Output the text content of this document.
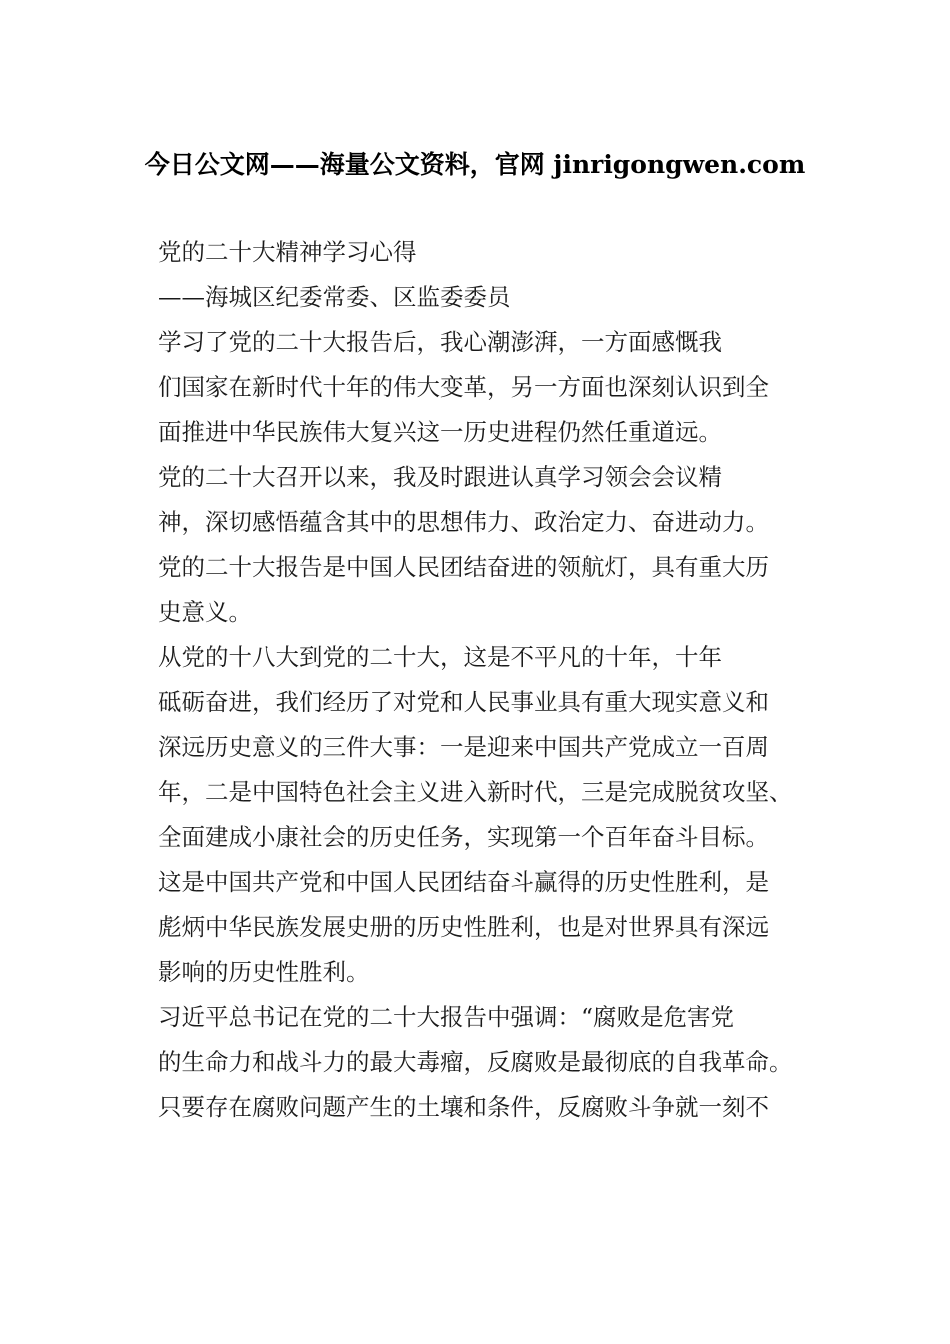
今日公文网——海量公文资料，官网 jinrigongwen.com

党的二十大精神学习心得

——海城区纪委常委、区监委委员

学习了党的二十大报告后，我心潮澎湃，一方面感慨我

们国家在新时代十年的伟大变革，另一方面也深刻认识到全

面推进中华民族伟大复兴这一历史进程仍然任重道远。

党的二十大召开以来，我及时跟进认真学习领会会议精

神，深切感悟蕴含其中的思想伟力、政治定力、奋进动力。

党的二十大报告是中国人民团结奋进的领航灯，具有重大历

史意义。

从党的十八大到党的二十大，这是不平凡的十年，十年

砥砺奋进，我们经历了对党和人民事业具有重大现实意义和

深远历史意义的三件大事：一是迎来中国共产党成立一百周

年，二是中国特色社会主义进入新时代，三是完成脱贫攻坚、

全面建成小康社会的历史任务，实现第一个百年奋斗目标。

这是中国共产党和中国人民团结奋斗赢得的历史性胜利，是

彪炳中华民族发展史册的历史性胜利，也是对世界具有深远

影响的历史性胜利。

习近平总书记在党的二十大报告中强调：“腐败是危害党

的生命力和战斗力的最大毒瘤，反腐败是最彻底的自我革命。

只要存在腐败问题产生的土壤和条件，反腐败斗争就一刻不
